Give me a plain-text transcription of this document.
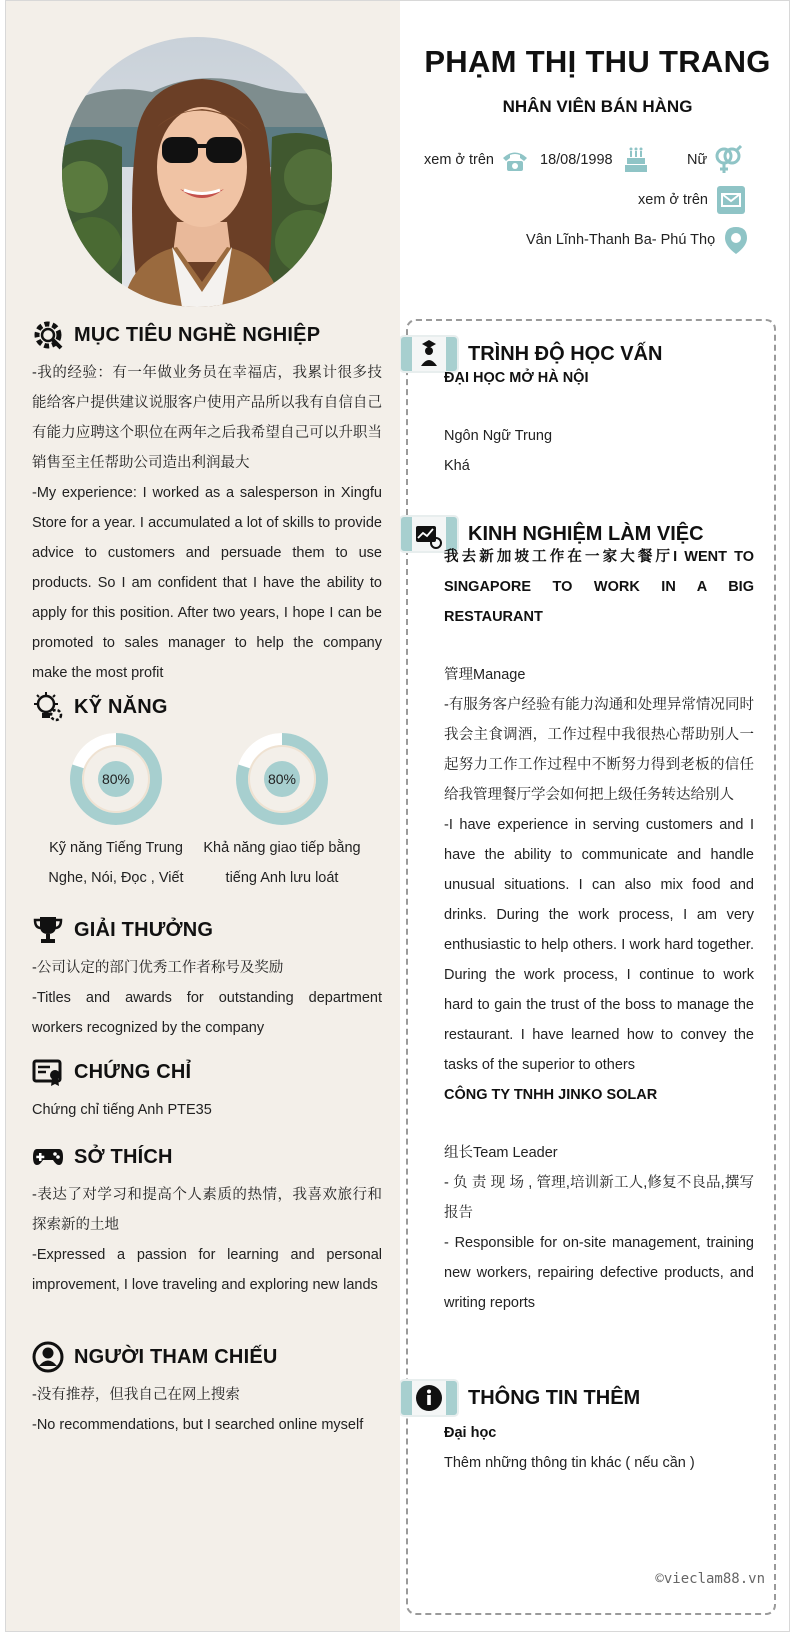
PHẠM THỊ THU TRANG
NHÂN VIÊN BÁN HÀNG
xem ở trên	18/08/1998	Nữ
xem ở trên
Vân Lĩnh-Thanh Ba- Phú Thọ
MỤC TIÊU NGHỀ NGHIỆP
-我的经验：有一年做业务员在幸福店，我累计很多技能给客户提供建议说服客户使用产品所以我有自信自己有能力应聘这个职位在两年之后我希望自己可以升职当销售至主任帮助公司造出利润最大
-My experience: I worked as a salesperson in Xingfu Store for a year. I accumulated a lot of skills to provide advice to customers and persuade them to use products. So I am confident that I have the ability to apply for this position. After two years, I hope I can be promoted to sales manager to help the company make the most profit
KỸ NĂNG
80%
Kỹ năng Tiếng Trung Nghe, Nói, Đọc , Viết
80%
Khả năng giao tiếp bằng tiếng Anh lưu loát
GIẢI THƯỞNG
-公司认定的部门优秀工作者称号及奖励
-Titles and awards for outstanding department workers recognized by the company
CHỨNG CHỈ
Chứng chỉ tiếng Anh PTE35
SỞ THÍCH
-表达了对学习和提高个人素质的热情，我喜欢旅行和探索新的土地
-Expressed a passion for learning and personal improvement, I love traveling and exploring new lands
NGƯỜI THAM CHIẾU
-没有推荐，但我自己在网上搜索
-No recommendations, but I searched online myself
TRÌNH ĐỘ HỌC VẤN
ĐẠI HỌC MỞ HÀ NỘI
Ngôn Ngữ Trung
Khá
KINH NGHIỆM LÀM VIỆC
我去新加坡工作在一家大餐厅I WENT TO SINGAPORE TO WORK IN A BIG RESTAURANT
管理Manage
-有服务客户经验有能力沟通和处理异常情况同时我会主食调酒，工作过程中我很热心帮助别人一起努力工作工作过程中不断努力得到老板的信任给我管理餐厅学会如何把上级任务转达给别人
-I have experience in serving customers and I have the ability to communicate and handle unusual situations. I can also mix food and drinks. During the work process, I am very enthusiastic to help others. I work hard together. During the work process, I continue to work hard to gain the trust of the boss to manage the restaurant. I have learned how to convey the tasks of the superior to others
CÔNG TY TNHH JINKO SOLAR
组长Team Leader
- 负 责 现 场 , 管理,培训新工人,修复不良品,撰写报告
- Responsible for on-site management, training new workers, repairing defective products, and writing reports
THÔNG TIN THÊM
Đại học
Thêm những thông tin khác ( nếu cần )
©vieclam88.vn
